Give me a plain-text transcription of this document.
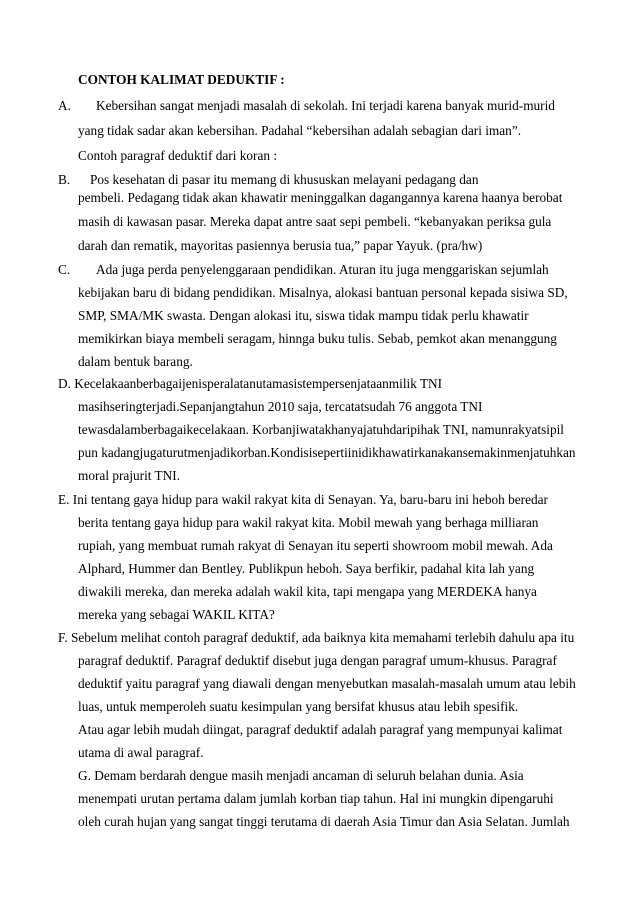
CONTOH KALIMAT DEDUKTIF :
A. Kebersihan sangat menjadi masalah di sekolah. Ini terjadi karena banyak murid-murid
yang tidak sadar akan kebersihan. Padahal “kebersihan adalah sebagian dari iman”.
Contoh paragraf deduktif dari koran :
B. Pos kesehatan di pasar itu memang di khususkan melayani pedagang dan
pembeli. Pedagang tidak akan khawatir meninggalkan dagangannya karena haanya berobat
masih di kawasan pasar. Mereka dapat antre saat sepi pembeli. “kebanyakan periksa gula
darah dan rematik, mayoritas pasiennya berusia tua,” papar Yayuk. (pra/hw)
C. Ada juga perda penyelenggaraan pendidikan. Aturan itu juga menggariskan sejumlah
kebijakan baru di bidang pendidikan. Misalnya, alokasi bantuan personal kepada sisiwa SD,
SMP, SMA/MK swasta. Dengan alokasi itu, siswa tidak mampu tidak perlu khawatir
memikirkan biaya membeli seragam, hinnga buku tulis. Sebab, pemkot akan menanggung
dalam bentuk barang.
D. Kecelakaanberbagaijenisperalatanutamasistempersenjataanmilik TNI
masihseringterjadi.Sepanjangtahun 2010 saja, tercatatsudah 76 anggota TNI
tewasdalamberbagaikecelakaan. Korbanjiwatakhanyajatuhdaripihak TNI, namunrakyatsipil
pun kadangjugaturutmenjadikorban.Kondisisepertiinidikhawatirkanakansemakinmenjatuhkan
moral prajurit TNI.
E. Ini tentang gaya hidup para wakil rakyat kita di Senayan. Ya, baru-baru ini heboh beredar
berita tentang gaya hidup para wakil rakyat kita. Mobil mewah yang berhaga milliaran
rupiah, yang membuat rumah rakyat di Senayan itu seperti showroom mobil mewah. Ada
Alphard, Hummer dan Bentley. Publikpun heboh. Saya berfikir, padahal kita lah yang
diwakili mereka, dan mereka adalah wakil kita, tapi mengapa yang MERDEKA hanya
mereka yang sebagai WAKIL KITA?
F. Sebelum melihat contoh paragraf deduktif, ada baiknya kita memahami terlebih dahulu apa itu
paragraf deduktif. Paragraf deduktif disebut juga dengan paragraf umum-khusus. Paragraf
deduktif yaitu paragraf yang diawali dengan menyebutkan masalah-masalah umum atau lebih
luas, untuk memperoleh suatu kesimpulan yang bersifat khusus atau lebih spesifik.
Atau agar lebih mudah diingat, paragraf deduktif adalah paragraf yang mempunyai kalimat
utama di awal paragraf.
G. Demam berdarah dengue masih menjadi ancaman di seluruh belahan dunia. Asia
menempati urutan pertama dalam jumlah korban tiap tahun. Hal ini mungkin dipengaruhi
oleh curah hujan yang sangat tinggi terutama di daerah Asia Timur dan Asia Selatan. Jumlah
